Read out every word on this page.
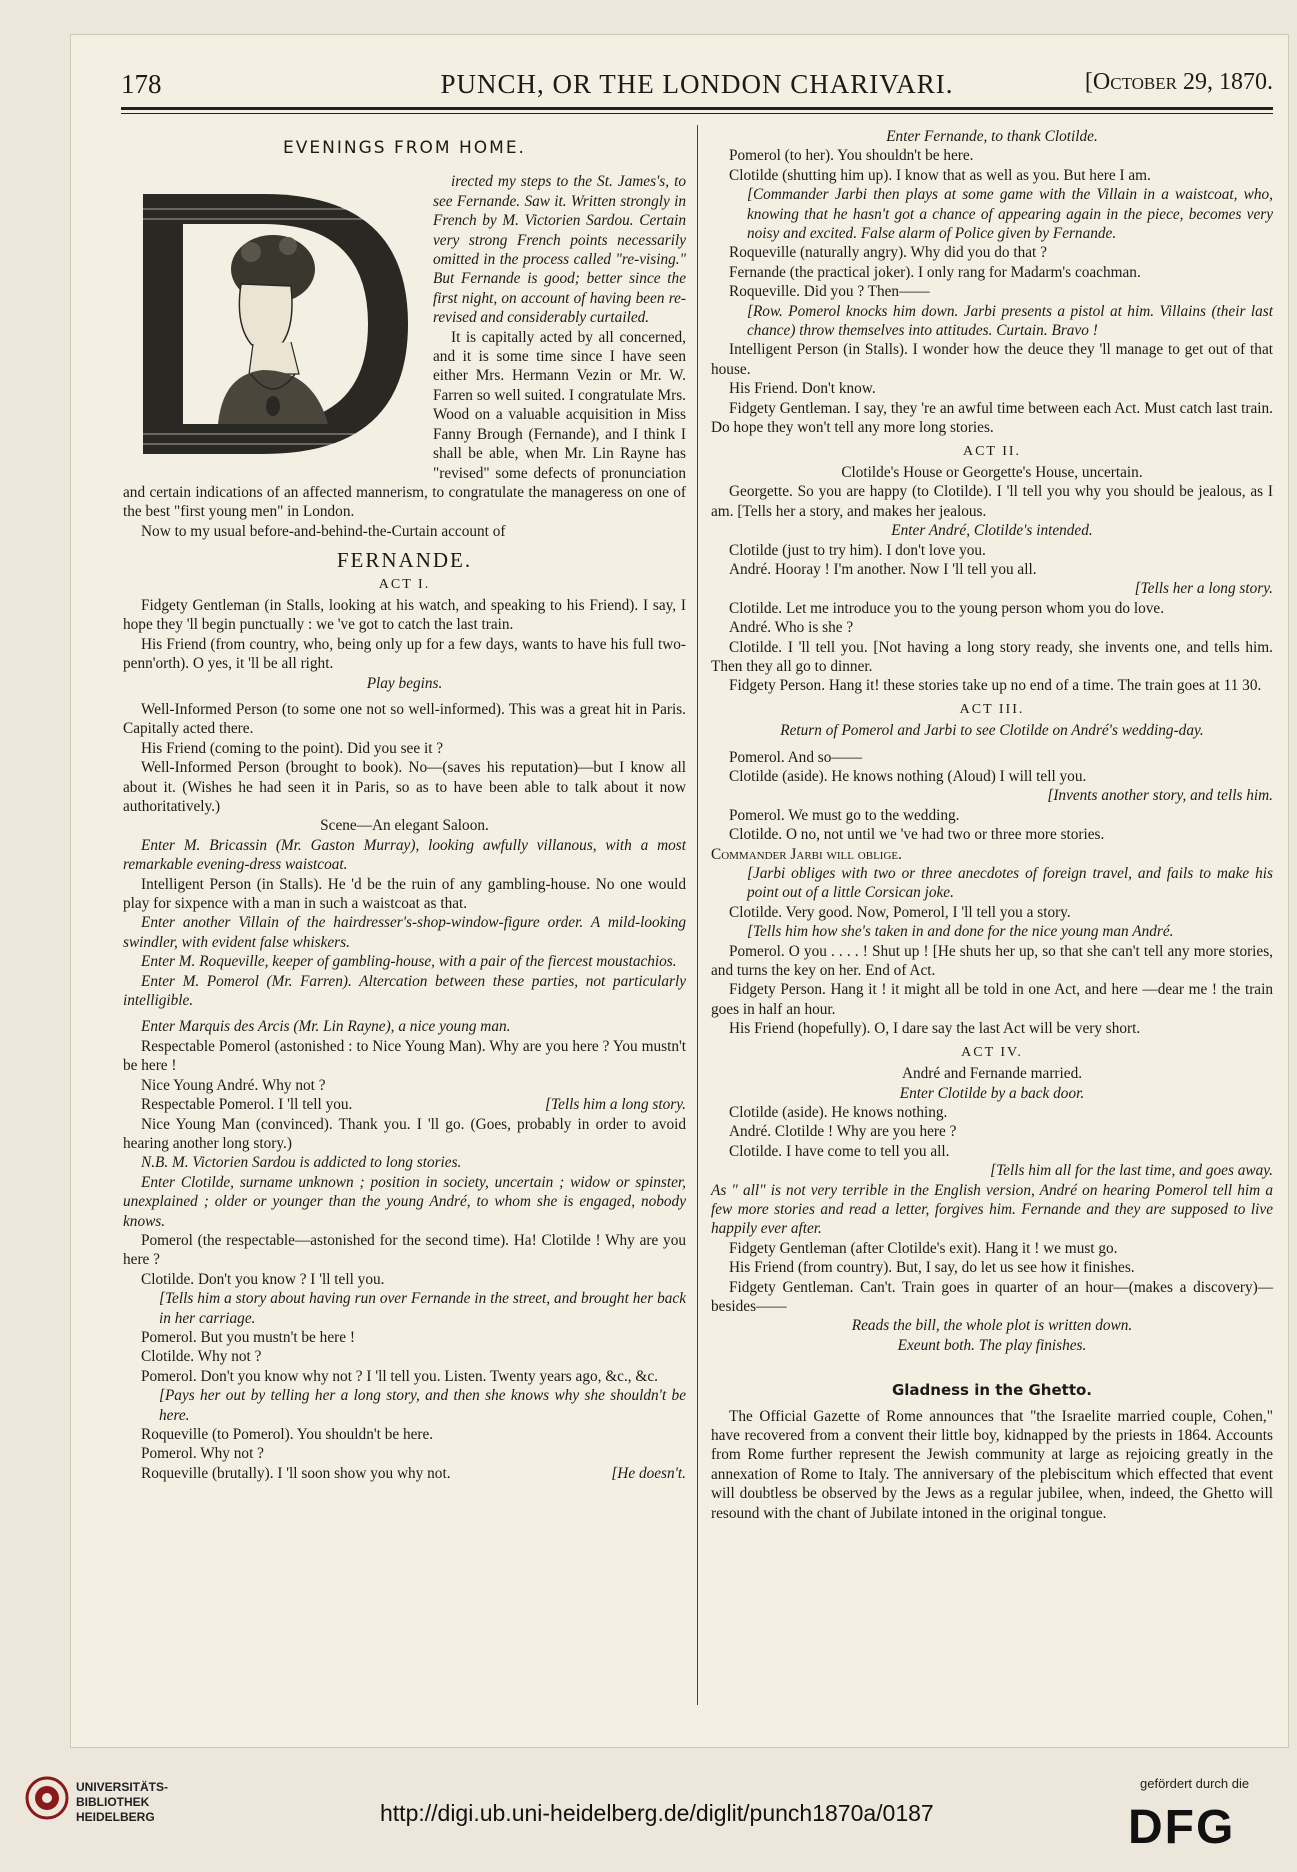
178	PUNCH, OR THE LONDON CHARIVARI.	[October 29, 1870.

EVENINGS FROM HOME.

irected my steps to the St. James's, to see Fernande. Saw it. Written strongly in French by M. Victorien Sardou. Certain very strong French points necessarily omitted in the process called "re-vising." But Fernande is good; better since the first night, on account of having been re-revised and considerably curtailed.

It is capitally acted by all concerned, and it is some time since I have seen either Mrs. Hermann Vezin or Mr. W. Farren so well suited. I congratulate Mrs. Wood on a valuable acquisition in Miss Fanny Brough (Fernande), and I think I shall be able, when Mr. Lin Rayne has "revised" some defects of pronunciation and certain indications of an affected mannerism, to congratulate the manageress on one of the best "first young men" in London.

Now to my usual before-and-behind-the-Curtain account of

FERNANDE.

ACT I.

Fidgety Gentleman (in Stalls, looking at his watch, and speaking to his Friend). I say, I hope they 'll begin punctually : we 've got to catch the last train.

His Friend (from country, who, being only up for a few days, wants to have his full two-penn'orth). O yes, it 'll be all right.

Play begins.

Well-Informed Person (to some one not so well-informed). This was a great hit in Paris. Capitally acted there.

His Friend (coming to the point). Did you see it ?

Well-Informed Person (brought to book). No—(saves his reputation)—but I know all about it. (Wishes he had seen it in Paris, so as to have been able to talk about it now authoritatively.)

Scene—An elegant Saloon.

Enter M. Bricassin (Mr. Gaston Murray), looking awfully villanous, with a most remarkable evening-dress waistcoat.

Intelligent Person (in Stalls). He 'd be the ruin of any gambling-house. No one would play for sixpence with a man in such a waistcoat as that.

Enter another Villain of the hairdresser's-shop-window-figure order. A mild-looking swindler, with evident false whiskers.

Enter M. Roqueville, keeper of gambling-house, with a pair of the fiercest moustachios.

Enter M. Pomerol (Mr. Farren). Altercation between these parties, not particularly intelligible.

Enter Marquis des Arcis (Mr. Lin Rayne), a nice young man.

Respectable Pomerol (astonished : to Nice Young Man). Why are you here ? You mustn't be here !

Nice Young André. Why not ?

Respectable Pomerol. I 'll tell you.	[Tells him a long story.

Nice Young Man (convinced). Thank you. I 'll go. (Goes, probably in order to avoid hearing another long story.)

N.B. M. Victorien Sardou is addicted to long stories.

Enter Clotilde, surname unknown ; position in society, uncertain ; widow or spinster, unexplained ; older or younger than the young André, to whom she is engaged, nobody knows.

Pomerol (the respectable—astonished for the second time). Ha! Clotilde ! Why are you here ?

Clotilde. Don't you know ? I 'll tell you.

[Tells him a story about having run over Fernande in the street, and brought her back in her carriage.

Pomerol. But you mustn't be here !

Clotilde. Why not ?

Pomerol. Don't you know why not ? I 'll tell you. Listen. Twenty years ago, &c., &c.

[Pays her out by telling her a long story, and then she knows why she shouldn't be here.

Roqueville (to Pomerol). You shouldn't be here.

Pomerol. Why not ?

Roqueville (brutally). I 'll soon show you why not.	[He doesn't.

Enter Fernande, to thank Clotilde.

Pomerol (to her). You shouldn't be here.

Clotilde (shutting him up). I know that as well as you. But here I am.

[Commander Jarbi then plays at some game with the Villain in a waistcoat, who, knowing that he hasn't got a chance of appearing again in the piece, becomes very noisy and excited. False alarm of Police given by Fernande.

Roqueville (naturally angry). Why did you do that ?

Fernande (the practical joker). I only rang for Madarm's coachman.

Roqueville. Did you ? Then——

[Row. Pomerol knocks him down. Jarbi presents a pistol at him. Villains (their last chance) throw themselves into attitudes. Curtain. Bravo !

Intelligent Person (in Stalls). I wonder how the deuce they 'll manage to get out of that house.

His Friend. Don't know.

Fidgety Gentleman. I say, they 're an awful time between each Act. Must catch last train. Do hope they won't tell any more long stories.

ACT II.

Clotilde's House or Georgette's House, uncertain.

Georgette. So you are happy (to Clotilde). I 'll tell you why you should be jealous, as I am. [Tells her a story, and makes her jealous.

Enter André, Clotilde's intended.

Clotilde (just to try him). I don't love you.

André. Hooray ! I'm another. Now I 'll tell you all.

[Tells her a long story.

Clotilde. Let me introduce you to the young person whom you do love.

André. Who is she ?

Clotilde. I 'll tell you. [Not having a long story ready, she invents one, and tells him. Then they all go to dinner.

Fidgety Person. Hang it! these stories take up no end of a time. The train goes at 11 30.

ACT III.

Return of Pomerol and Jarbi to see Clotilde on André's wedding-day.

Pomerol. And so——

Clotilde (aside). He knows nothing (Aloud) I will tell you.

[Invents another story, and tells him.

Pomerol. We must go to the wedding.

Clotilde. O no, not until we 've had two or three more stories.

Commander Jarbi will oblige.

[Jarbi obliges with two or three anecdotes of foreign travel, and fails to make his point out of a little Corsican joke.

Clotilde. Very good. Now, Pomerol, I 'll tell you a story.

[Tells him how she's taken in and done for the nice young man André.

Pomerol. O you . . . . ! Shut up ! [He shuts her up, so that she can't tell any more stories, and turns the key on her. End of Act.

Fidgety Person. Hang it ! it might all be told in one Act, and here —dear me ! the train goes in half an hour.

His Friend (hopefully). O, I dare say the last Act will be very short.

ACT IV.

André and Fernande married.

Enter Clotilde by a back door.

Clotilde (aside). He knows nothing.

André. Clotilde ! Why are you here ?

Clotilde. I have come to tell you all.

[Tells him all for the last time, and goes away.

As " all" is not very terrible in the English version, André on hearing Pomerol tell him a few more stories and read a letter, forgives him. Fernande and they are supposed to live happily ever after.

Fidgety Gentleman (after Clotilde's exit). Hang it ! we must go.

His Friend (from country). But, I say, do let us see how it finishes.

Fidgety Gentleman. Can't. Train goes in quarter of an hour—(makes a discovery)—besides——

Reads the bill, the whole plot is written down.

Exeunt both. The play finishes.

Gladness in the Ghetto.

The Official Gazette of Rome announces that "the Israelite married couple, Cohen," have recovered from a convent their little boy, kidnapped by the priests in 1864. Accounts from Rome further represent the Jewish community at large as rejoicing greatly in the annexation of Rome to Italy. The anniversary of the plebiscitum which effected that event will doubtless be observed by the Jews as a regular jubilee, when, indeed, the Ghetto will resound with the chant of Jubilate intoned in the original tongue.

UNIVERSITÄTS-
BIBLIOTHEK
HEIDELBERG	http://digi.ub.uni-heidelberg.de/diglit/punch1870a/0187
gefördert durch die
DFG
